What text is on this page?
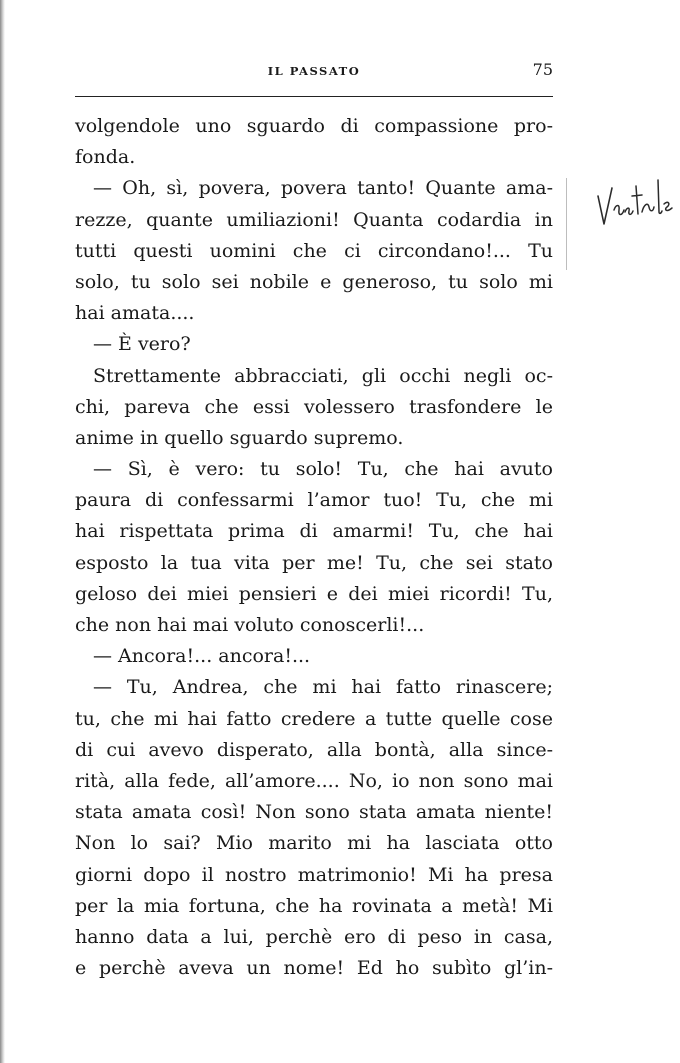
IL PASSATO	75
volgendole uno sguardo di compassione pro-
fonda.
— Oh, sì, povera, povera tanto! Quante ama-
rezze, quante umiliazioni! Quanta codardia in
tutti questi uomini che ci circondano!... Tu
solo, tu solo sei nobile e generoso, tu solo mi
hai amata....
— È vero?
Strettamente abbracciati, gli occhi negli oc-
chi, pareva che essi volessero trasfondere le
anime in quello sguardo supremo.
— Sì, è vero: tu solo! Tu, che hai avuto
paura di confessarmi l’amor tuo! Tu, che mi
hai rispettata prima di amarmi! Tu, che hai
esposto la tua vita per me! Tu, che sei stato
geloso dei miei pensieri e dei miei ricordi! Tu,
che non hai mai voluto conoscerli!...
— Ancora!... ancora!...
— Tu, Andrea, che mi hai fatto rinascere;
tu, che mi hai fatto credere a tutte quelle cose
di cui avevo disperato, alla bontà, alla since-
rità, alla fede, all’amore.... No, io non sono mai
stata amata così! Non sono stata amata niente!
Non lo sai? Mio marito mi ha lasciata otto
giorni dopo il nostro matrimonio! Mi ha presa
per la mia fortuna, che ha rovinata a metà! Mi
hanno data a lui, perchè ero di peso in casa,
e perchè aveva un nome! Ed ho subìto gl’in-
